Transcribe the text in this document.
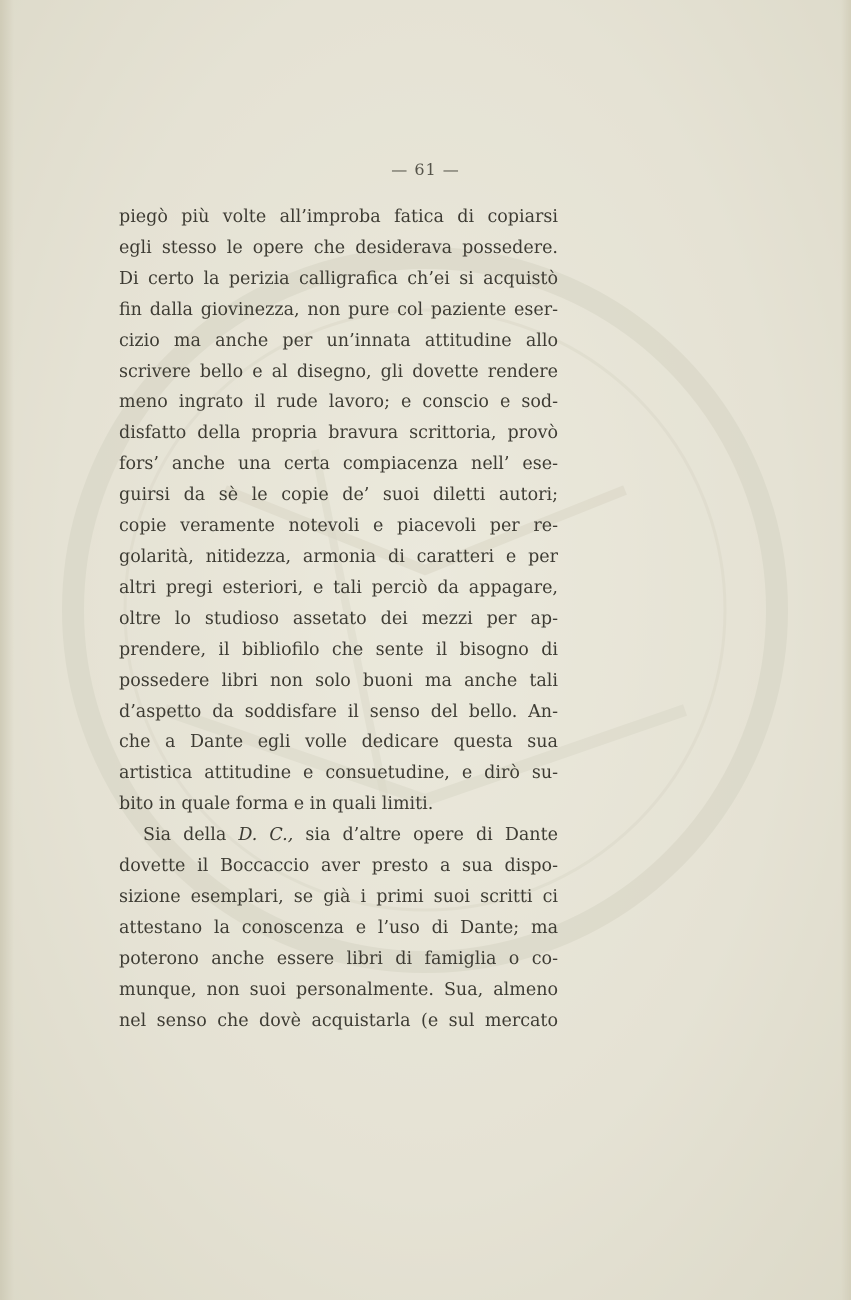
— 61 —
piegò più volte all’improba fatica di copiarsi
egli stesso le opere che desiderava possedere.
Di certo la perizia calligrafica ch’ei si acquistò
fin dalla giovinezza, non pure col paziente eser-
cizio ma anche per un’innata attitudine allo
scrivere bello e al disegno, gli dovette rendere
meno ingrato il rude lavoro; e conscio e sod-
disfatto della propria bravura scrittoria, provò
fors’ anche una certa compiacenza nell’ ese-
guirsi da sè le copie de’ suoi diletti autori;
copie veramente notevoli e piacevoli per re-
golarità, nitidezza, armonia di caratteri e per
altri pregi esteriori, e tali perciò da appagare,
oltre lo studioso assetato dei mezzi per ap-
prendere, il bibliofilo che sente il bisogno di
possedere libri non solo buoni ma anche tali
d’aspetto da soddisfare il senso del bello. An-
che a Dante egli volle dedicare questa sua
artistica attitudine e consuetudine, e dirò su-
bito in quale forma e in quali limiti.
Sia della D. C., sia d’altre opere di Dante
dovette il Boccaccio aver presto a sua dispo-
sizione esemplari, se già i primi suoi scritti ci
attestano la conoscenza e l’uso di Dante; ma
poterono anche essere libri di famiglia o co-
munque, non suoi personalmente. Sua, almeno
nel senso che dovè acquistarla (e sul mercato
